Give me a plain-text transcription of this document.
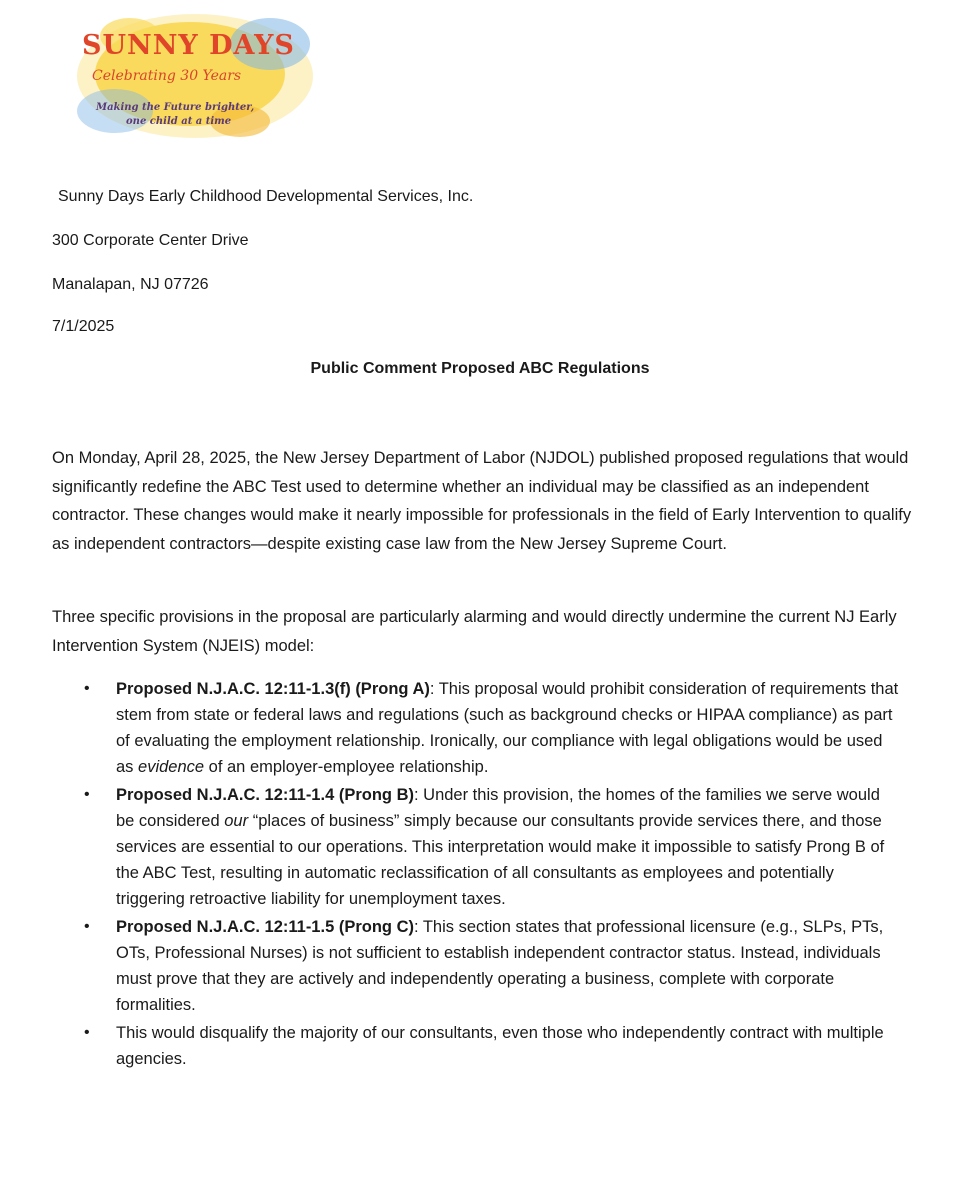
SUNNY DAYS
Celebrating 30 Years
Making the Future brighter,
one child at a time
Sunny Days Early Childhood Developmental Services, Inc.
300 Corporate Center Drive
Manalapan, NJ 07726
7/1/2025
Public Comment Proposed ABC Regulations

On Monday, April 28, 2025, the New Jersey Department of Labor (NJDOL) published proposed regulations that would significantly redefine the ABC Test used to determine whether an individual may be classified as an independent contractor. These changes would make it nearly impossible for professionals in the field of Early Intervention to qualify as independent contractors—despite existing case law from the New Jersey Supreme Court.

Three specific provisions in the proposal are particularly alarming and would directly undermine the current NJ Early Intervention System (NJEIS) model:

• Proposed N.J.A.C. 12:11-1.3(f) (Prong A): This proposal would prohibit consideration of requirements that stem from state or federal laws and regulations (such as background checks or HIPAA compliance) as part of evaluating the employment relationship. Ironically, our compliance with legal obligations would be used as evidence of an employer-employee relationship.
• Proposed N.J.A.C. 12:11-1.4 (Prong B): Under this provision, the homes of the families we serve would be considered our “places of business” simply because our consultants provide services there, and those services are essential to our operations. This interpretation would make it impossible to satisfy Prong B of the ABC Test, resulting in automatic reclassification of all consultants as employees and potentially triggering retroactive liability for unemployment taxes.
• Proposed N.J.A.C. 12:11-1.5 (Prong C): This section states that professional licensure (e.g., SLPs, PTs, OTs, Professional Nurses) is not sufficient to establish independent contractor status. Instead, individuals must prove that they are actively and independently operating a business, complete with corporate formalities.
• This would disqualify the majority of our consultants, even those who independently contract with multiple agencies.
